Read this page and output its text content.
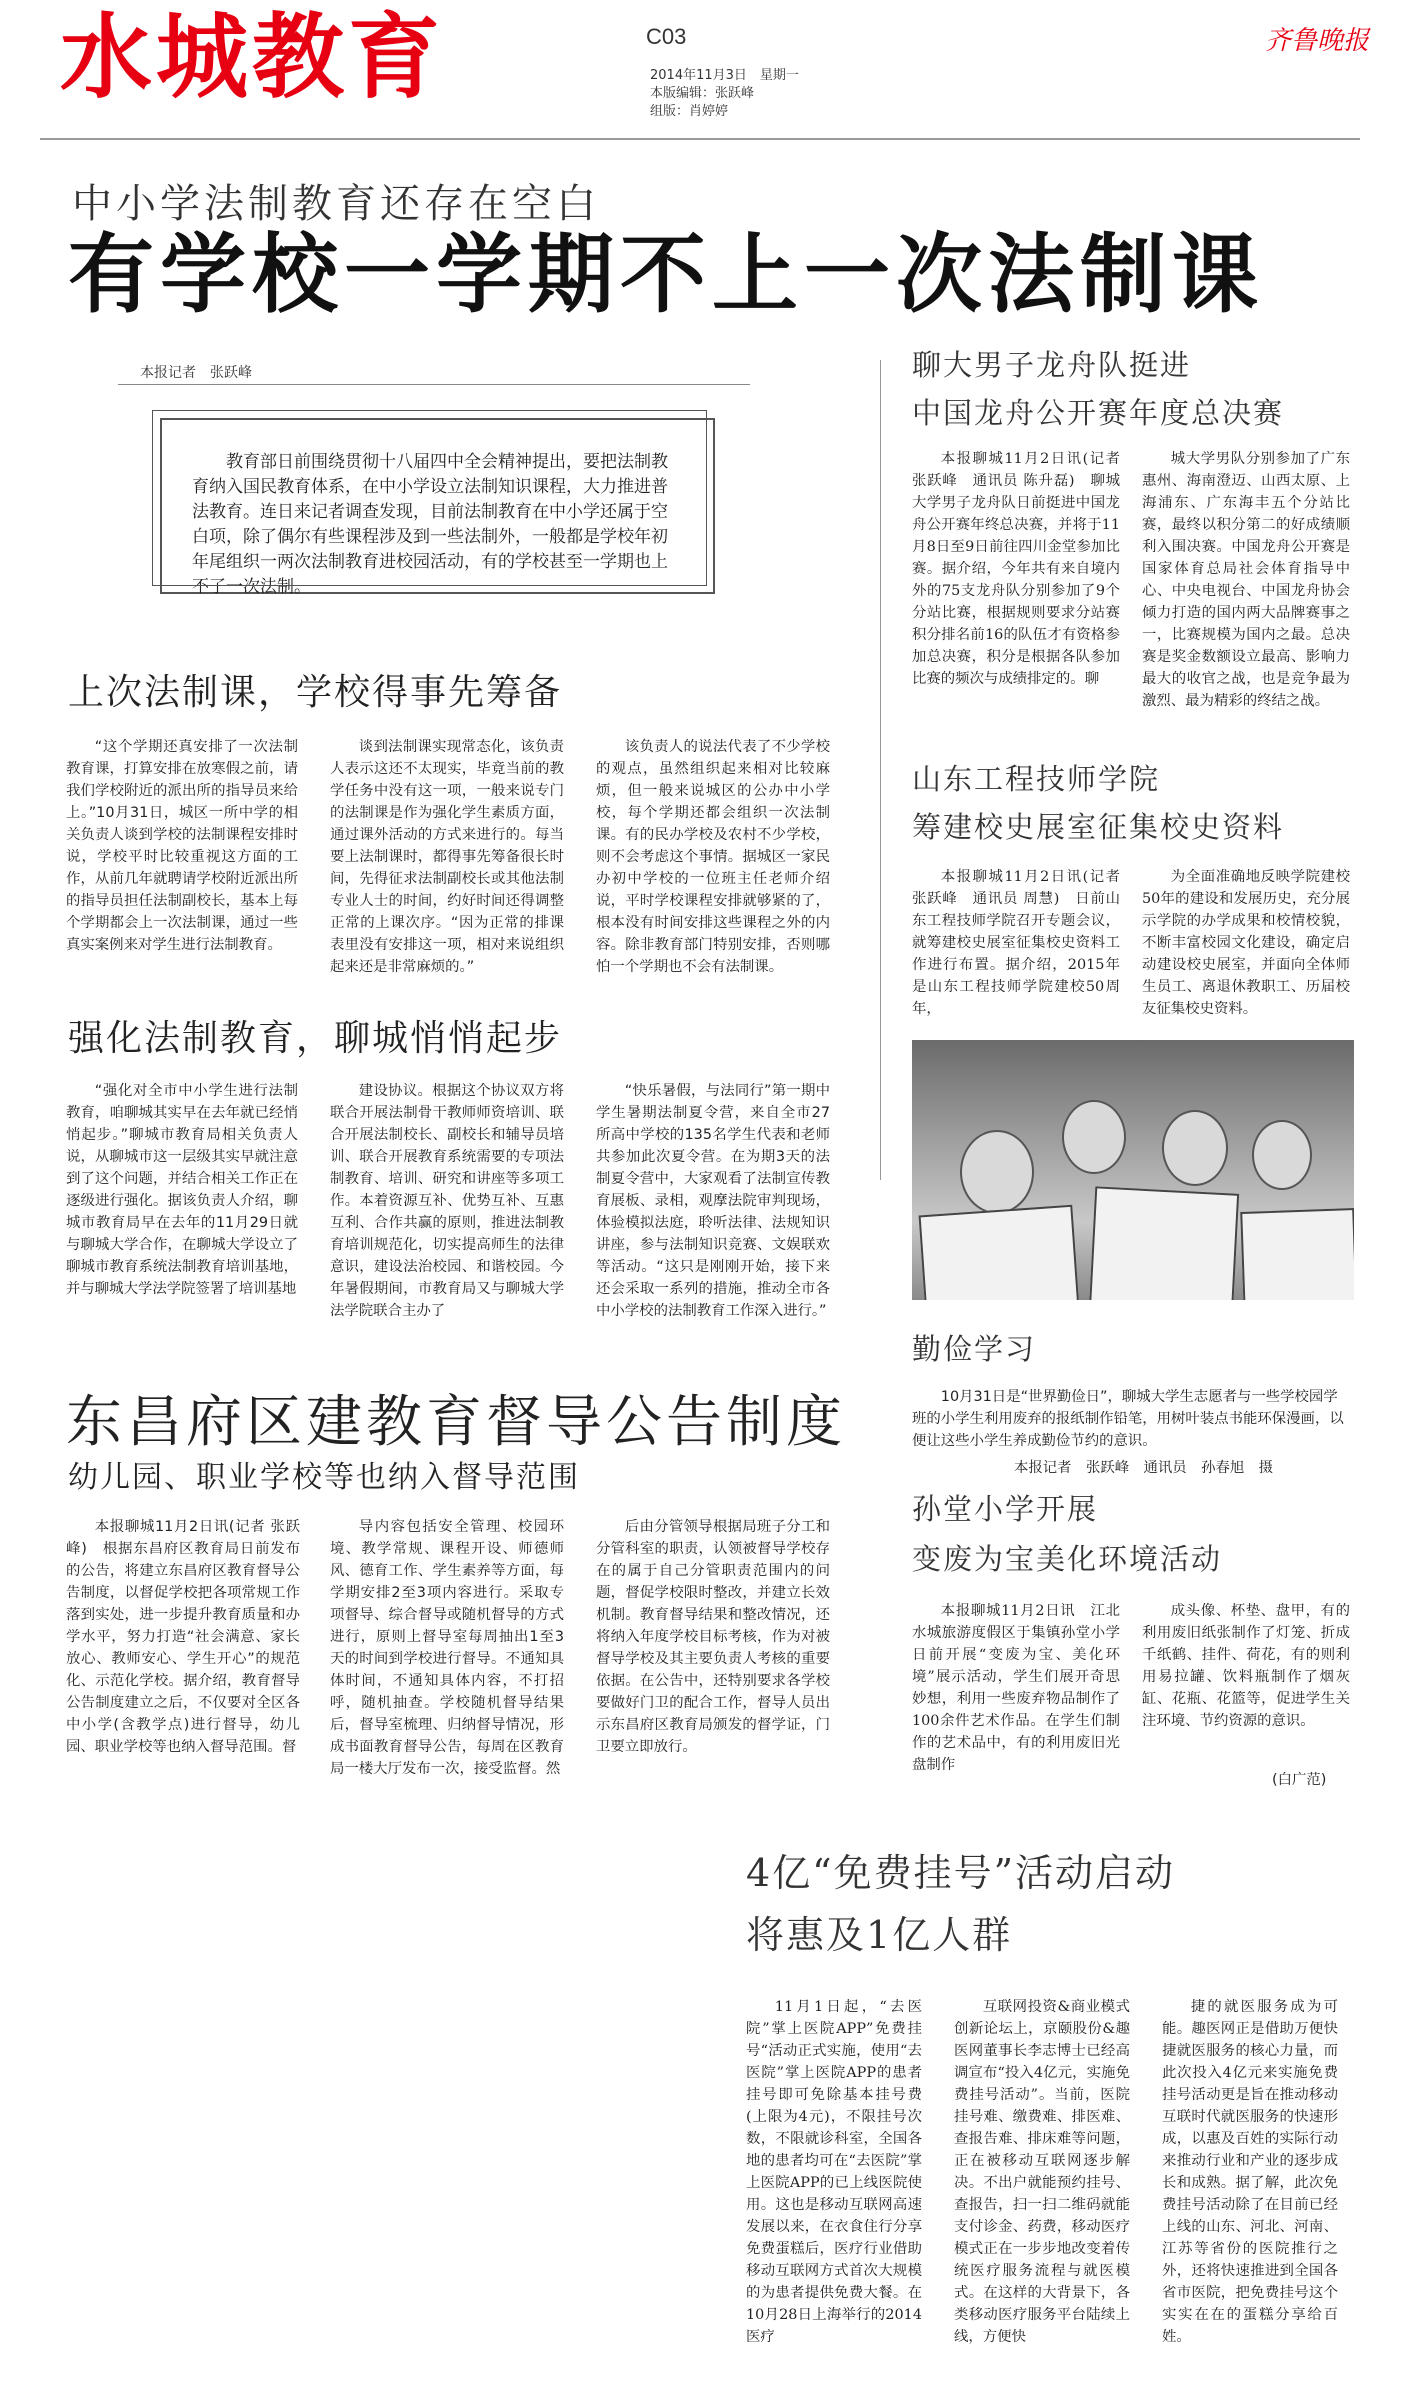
水城教育	C03
2014年11月3日　星期一
本版编辑：张跃峰
组版：肖婷婷
齐鲁晚报
中小学法制教育还存在空白
有学校一学期不上一次法制课
本报记者　张跃峰
教育部日前围绕贯彻十八届四中全会精神提出，要把法制教育纳入国民教育体系，在中小学设立法制知识课程，大力推进普法教育。连日来记者调查发现，目前法制教育在中小学还属于空白项，除了偶尔有些课程涉及到一些法制外，一般都是学校年初年尾组织一两次法制教育进校园活动，有的学校甚至一学期也上不了一次法制。
上次法制课，学校得事先筹备
“这个学期还真安排了一次法制教育课，打算安排在放寒假之前，请我们学校附近的派出所的指导员来给上。”10月31日，城区一所中学的相关负责人谈到学校的法制课程安排时说，学校平时比较重视这方面的工作，从前几年就聘请学校附近派出所的指导员担任法制副校长，基本上每个学期都会上一次法制课，通过一些真实案例来对学生进行法制教育。
谈到法制课实现常态化，该负责人表示这还不太现实，毕竟当前的教学任务中没有这一项，一般来说专门的法制课是作为强化学生素质方面，通过课外活动的方式来进行的。每当要上法制课时，都得事先筹备很长时间，先得征求法制副校长或其他法制专业人士的时间，约好时间还得调整正常的上课次序。“因为正常的排课表里没有安排这一项，相对来说组织起来还是非常麻烦的。”
该负责人的说法代表了不少学校的观点，虽然组织起来相对比较麻烦，但一般来说城区的公办中小学校，每个学期还都会组织一次法制课。有的民办学校及农村不少学校，则不会考虑这个事情。据城区一家民办初中学校的一位班主任老师介绍说，平时学校课程安排就够紧的了，根本没有时间安排这些课程之外的内容。除非教育部门特别安排，否则哪怕一个学期也不会有法制课。
强化法制教育，聊城悄悄起步
“强化对全市中小学生进行法制教育，咱聊城其实早在去年就已经悄悄起步。”聊城市教育局相关负责人说，从聊城市这一层级其实早就注意到了这个问题，并结合相关工作正在逐级进行强化。据该负责人介绍，聊城市教育局早在去年的11月29日就与聊城大学合作，在聊城大学设立了聊城市教育系统法制教育培训基地，并与聊城大学法学院签署了培训基地
建设协议。根据这个协议双方将联合开展法制骨干教师师资培训、联合开展法制校长、副校长和辅导员培训、联合开展教育系统需要的专项法制教育、培训、研究和讲座等多项工作。本着资源互补、优势互补、互惠互利、合作共赢的原则，推进法制教育培训规范化，切实提高师生的法律意识，建设法治校园、和谐校园。今年暑假期间，市教育局又与聊城大学法学院联合主办了
“快乐暑假，与法同行”第一期中学生暑期法制夏令营，来自全市27所高中学校的135名学生代表和老师共参加此次夏令营。在为期3天的法制夏令营中，大家观看了法制宣传教育展板、录相，观摩法院审判现场，体验模拟法庭，聆听法律、法规知识讲座，参与法制知识竞赛、文娱联欢等活动。“这只是刚刚开始，接下来还会采取一系列的措施，推动全市各中小学校的法制教育工作深入进行。”
东昌府区建教育督导公告制度
幼儿园、职业学校等也纳入督导范围
本报聊城11月2日讯(记者 张跃峰)　根据东昌府区教育局日前发布的公告，将建立东昌府区教育督导公告制度，以督促学校把各项常规工作落到实处，进一步提升教育质量和办学水平，努力打造“社会满意、家长放心、教师安心、学生开心”的规范化、示范化学校。据介绍，教育督导公告制度建立之后，不仅要对全区各中小学(含教学点)进行督导，幼儿园、职业学校等也纳入督导范围。督
导内容包括安全管理、校园环境、教学常规、课程开设、师德师风、德育工作、学生素养等方面，每学期安排2至3项内容进行。采取专项督导、综合督导或随机督导的方式进行，原则上督导室每周抽出1至3天的时间到学校进行督导。不通知具体时间，不通知具体内容，不打招呼，随机抽查。学校随机督导结果后，督导室梳理、归纳督导情况，形成书面教育督导公告，每周在区教育局一楼大厅发布一次，接受监督。然
后由分管领导根据局班子分工和分管科室的职责，认领被督导学校存在的属于自己分管职责范围内的问题，督促学校限时整改，并建立长效机制。教育督导结果和整改情况，还将纳入年度学校目标考核，作为对被督导学校及其主要负责人考核的重要依据。在公告中，还特别要求各学校要做好门卫的配合工作，督导人员出示东昌府区教育局颁发的督学证，门卫要立即放行。
聊大男子龙舟队挺进
中国龙舟公开赛年度总决赛
本报聊城11月2日讯(记者 张跃峰　通讯员 陈升磊)　聊城大学男子龙舟队日前挺进中国龙舟公开赛年终总决赛，并将于11月8日至9日前往四川金堂参加比赛。据介绍，今年共有来自境内外的75支龙舟队分别参加了9个分站比赛，根据规则要求分站赛积分排名前16的队伍才有资格参加总决赛，积分是根据各队参加比赛的频次与成绩排定的。聊
城大学男队分别参加了广东惠州、海南澄迈、山西太原、上海浦东、广东海丰五个分站比赛，最终以积分第二的好成绩顺利入围决赛。中国龙舟公开赛是国家体育总局社会体育指导中心、中央电视台、中国龙舟协会倾力打造的国内两大品牌赛事之一，比赛规模为国内之最。总决赛是奖金数额设立最高、影响力最大的收官之战，也是竞争最为激烈、最为精彩的终结之战。
山东工程技师学院
筹建校史展室征集校史资料
本报聊城11月2日讯(记者 张跃峰　通讯员 周慧)　日前山东工程技师学院召开专题会议，就筹建校史展室征集校史资料工作进行布置。据介绍，2015年是山东工程技师学院建校50周年，
为全面准确地反映学院建校50年的建设和发展历史，充分展示学院的办学成果和校情校貌，不断丰富校园文化建设，确定启动建设校史展室，并面向全体师生员工、离退休教职工、历届校友征集校史资料。
勤俭学习
10月31日是“世界勤俭日”，聊城大学生志愿者与一些学校园学班的小学生利用废弃的报纸制作铅笔，用树叶装点书能环保漫画，以便让这些小学生养成勤俭节约的意识。
本报记者　张跃峰　通讯员　孙春旭　摄
孙堂小学开展
变废为宝美化环境活动
本报聊城11月2日讯　江北水城旅游度假区于集镇孙堂小学日前开展“变废为宝、美化环境”展示活动，学生们展开奇思妙想，利用一些废弃物品制作了100余件艺术作品。在学生们制作的艺术品中，有的利用废旧光盘制作
成头像、杯垫、盘甲，有的利用废旧纸张制作了灯笼、折成千纸鹤、挂件、荷花，有的则利用易拉罐、饮料瓶制作了烟灰缸、花瓶、花篮等，促进学生关注环境、节约资源的意识。
(白广范)
4亿“免费挂号”活动启动
将惠及1亿人群
11月1日起，“去医院”掌上医院APP”免费挂号“活动正式实施，使用“去医院”掌上医院APP的患者挂号即可免除基本挂号费(上限为4元)，不限挂号次数，不限就诊科室，全国各地的患者均可在“去医院”掌上医院APP的已上线医院使用。这也是移动互联网高速发展以来，在衣食住行分享免费蛋糕后，医疗行业借助移动互联网方式首次大规模的为患者提供免费大餐。在10月28日上海举行的2014医疗
互联网投资&商业模式创新论坛上，京颐股份&趣医网董事长李志博士已经高调宣布“投入4亿元，实施免费挂号活动”。当前，医院挂号难、缴费难、排医难、查报告难、排床难等问题，正在被移动互联网逐步解决。不出户就能预约挂号、查报告，扫一扫二维码就能支付诊金、药费，移动医疗模式正在一步步地改变着传统医疗服务流程与就医模式。在这样的大背景下，各类移动医疗服务平台陆续上线，方便快
捷的就医服务成为可能。趣医网正是借助万便快捷就医服务的核心力量，而此次投入4亿元来实施免费挂号活动更是旨在推动移动互联时代就医服务的快速形成，以惠及百姓的实际行动来推动行业和产业的逐步成长和成熟。据了解，此次免费挂号活动除了在目前已经上线的山东、河北、河南、江苏等省份的医院推行之外，还将快速推进到全国各省市医院，把免费挂号这个实实在在的蛋糕分享给百姓。
